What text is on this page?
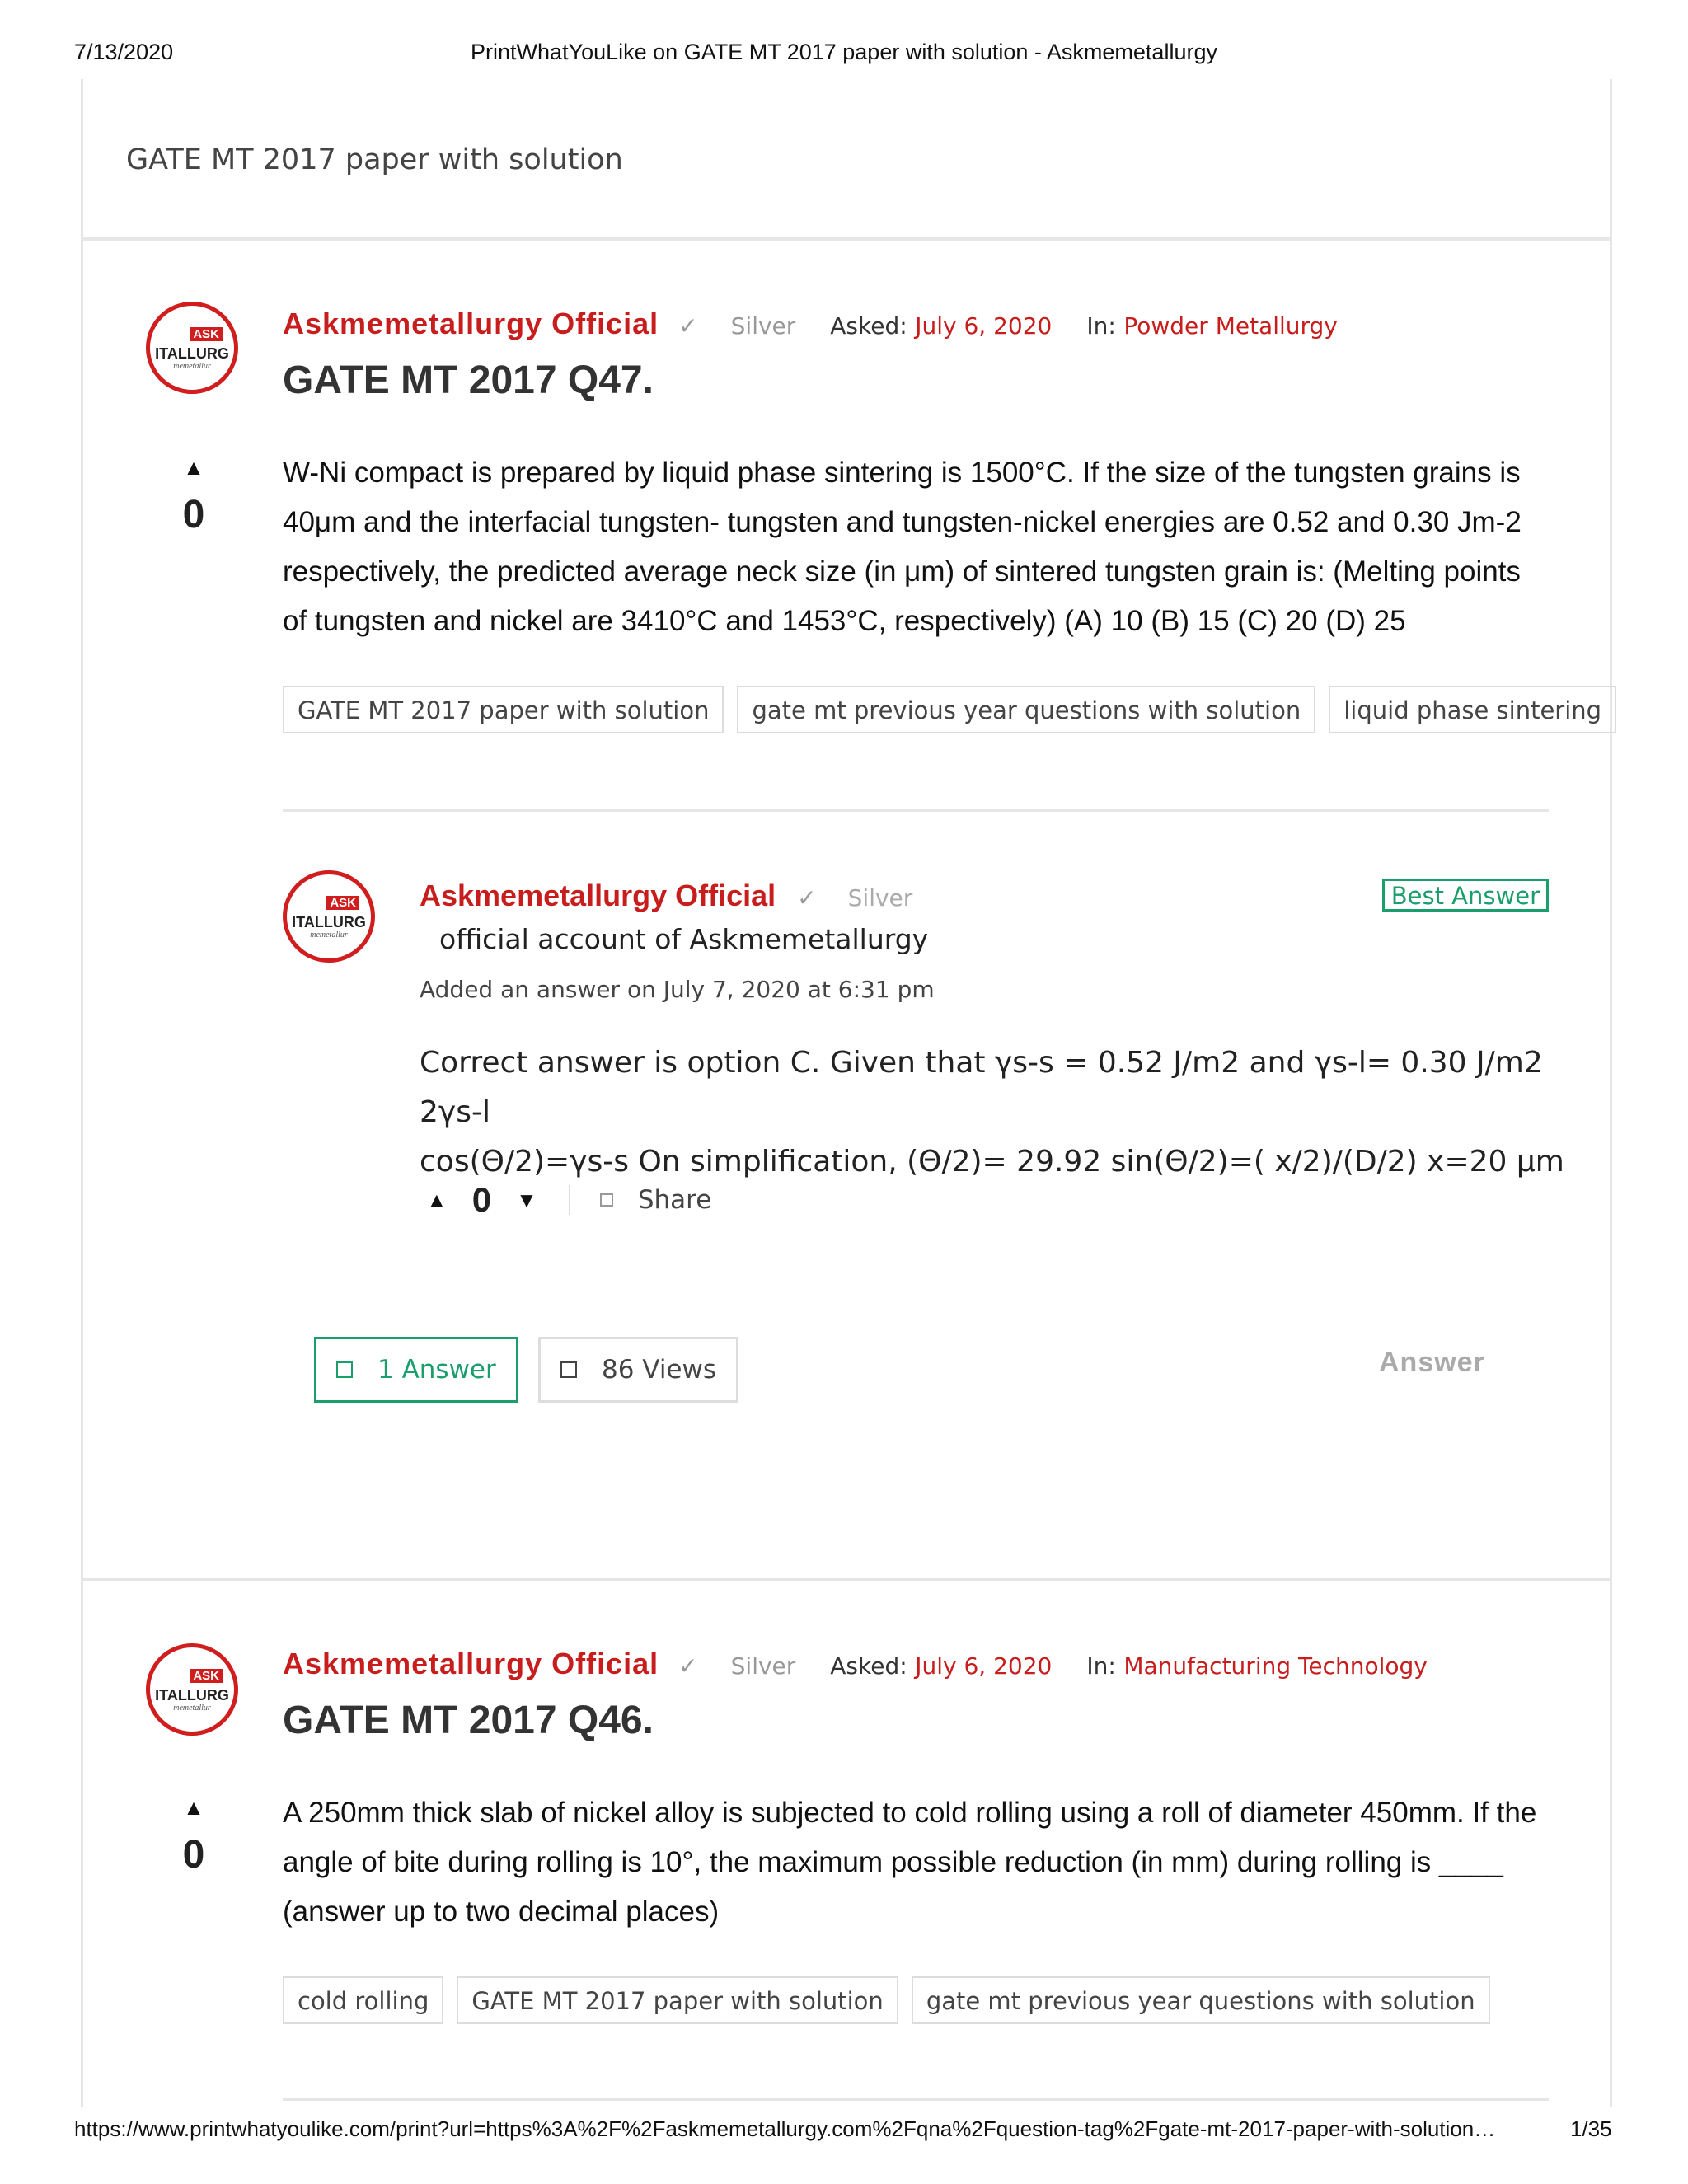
7/13/2020	PrintWhatYouLike on GATE MT 2017 paper with solution - Askmemetallurgy
GATE MT 2017 paper with solution
ASK
ITALLURG
memetallur
Askmemetallurgy Official ✓ Silver Asked: July 6, 2020 In: Powder Metallurgy
GATE MT 2017 Q47.
▲
0
W-Ni compact is prepared by liquid phase sintering is 1500°C. If the size of the tungsten grains is
40μm and the interfacial tungsten- tungsten and tungsten-nickel energies are 0.52 and 0.30 Jm-2
respectively, the predicted average neck size (in μm) of sintered tungsten grain is: (Melting points
of tungsten and nickel are 3410°C and 1453°C, respectively) (A) 10 (B) 15 (C) 20 (D) 25
GATE MT 2017 paper with solution	gate mt previous year questions with solution	liquid phase sintering
ASK
ITALLURG
memetallur
Askmemetallurgy Official ✓ Silver	Best Answer
official account of Askmemetallurgy
Added an answer on July 7, 2020 at 6:31 pm
Correct answer is option C. Given that γs-s = 0.52 J/m2 and γs-l= 0.30 J/m2 2γs-l
cos(Θ/2)=γs-s On simplification, (Θ/2)= 29.92 sin(Θ/2)=( x/2)/(D/2) x=20 μm
▲ 0 ▼	Share
1 Answer	86 Views	Answer
ASK
ITALLURG
memetallur
Askmemetallurgy Official ✓ Silver Asked: July 6, 2020 In: Manufacturing Technology
GATE MT 2017 Q46.
▲
0
A 250mm thick slab of nickel alloy is subjected to cold rolling using a roll of diameter 450mm. If the
angle of bite during rolling is 10°, the maximum possible reduction (in mm) during rolling is ____
(answer up to two decimal places)
cold rolling	GATE MT 2017 paper with solution	gate mt previous year questions with solution
https://www.printwhatyoulike.com/print?url=https%3A%2F%2Faskmemetallurgy.com%2Fqna%2Fquestion-tag%2Fgate-mt-2017-paper-with-solution…	1/35
